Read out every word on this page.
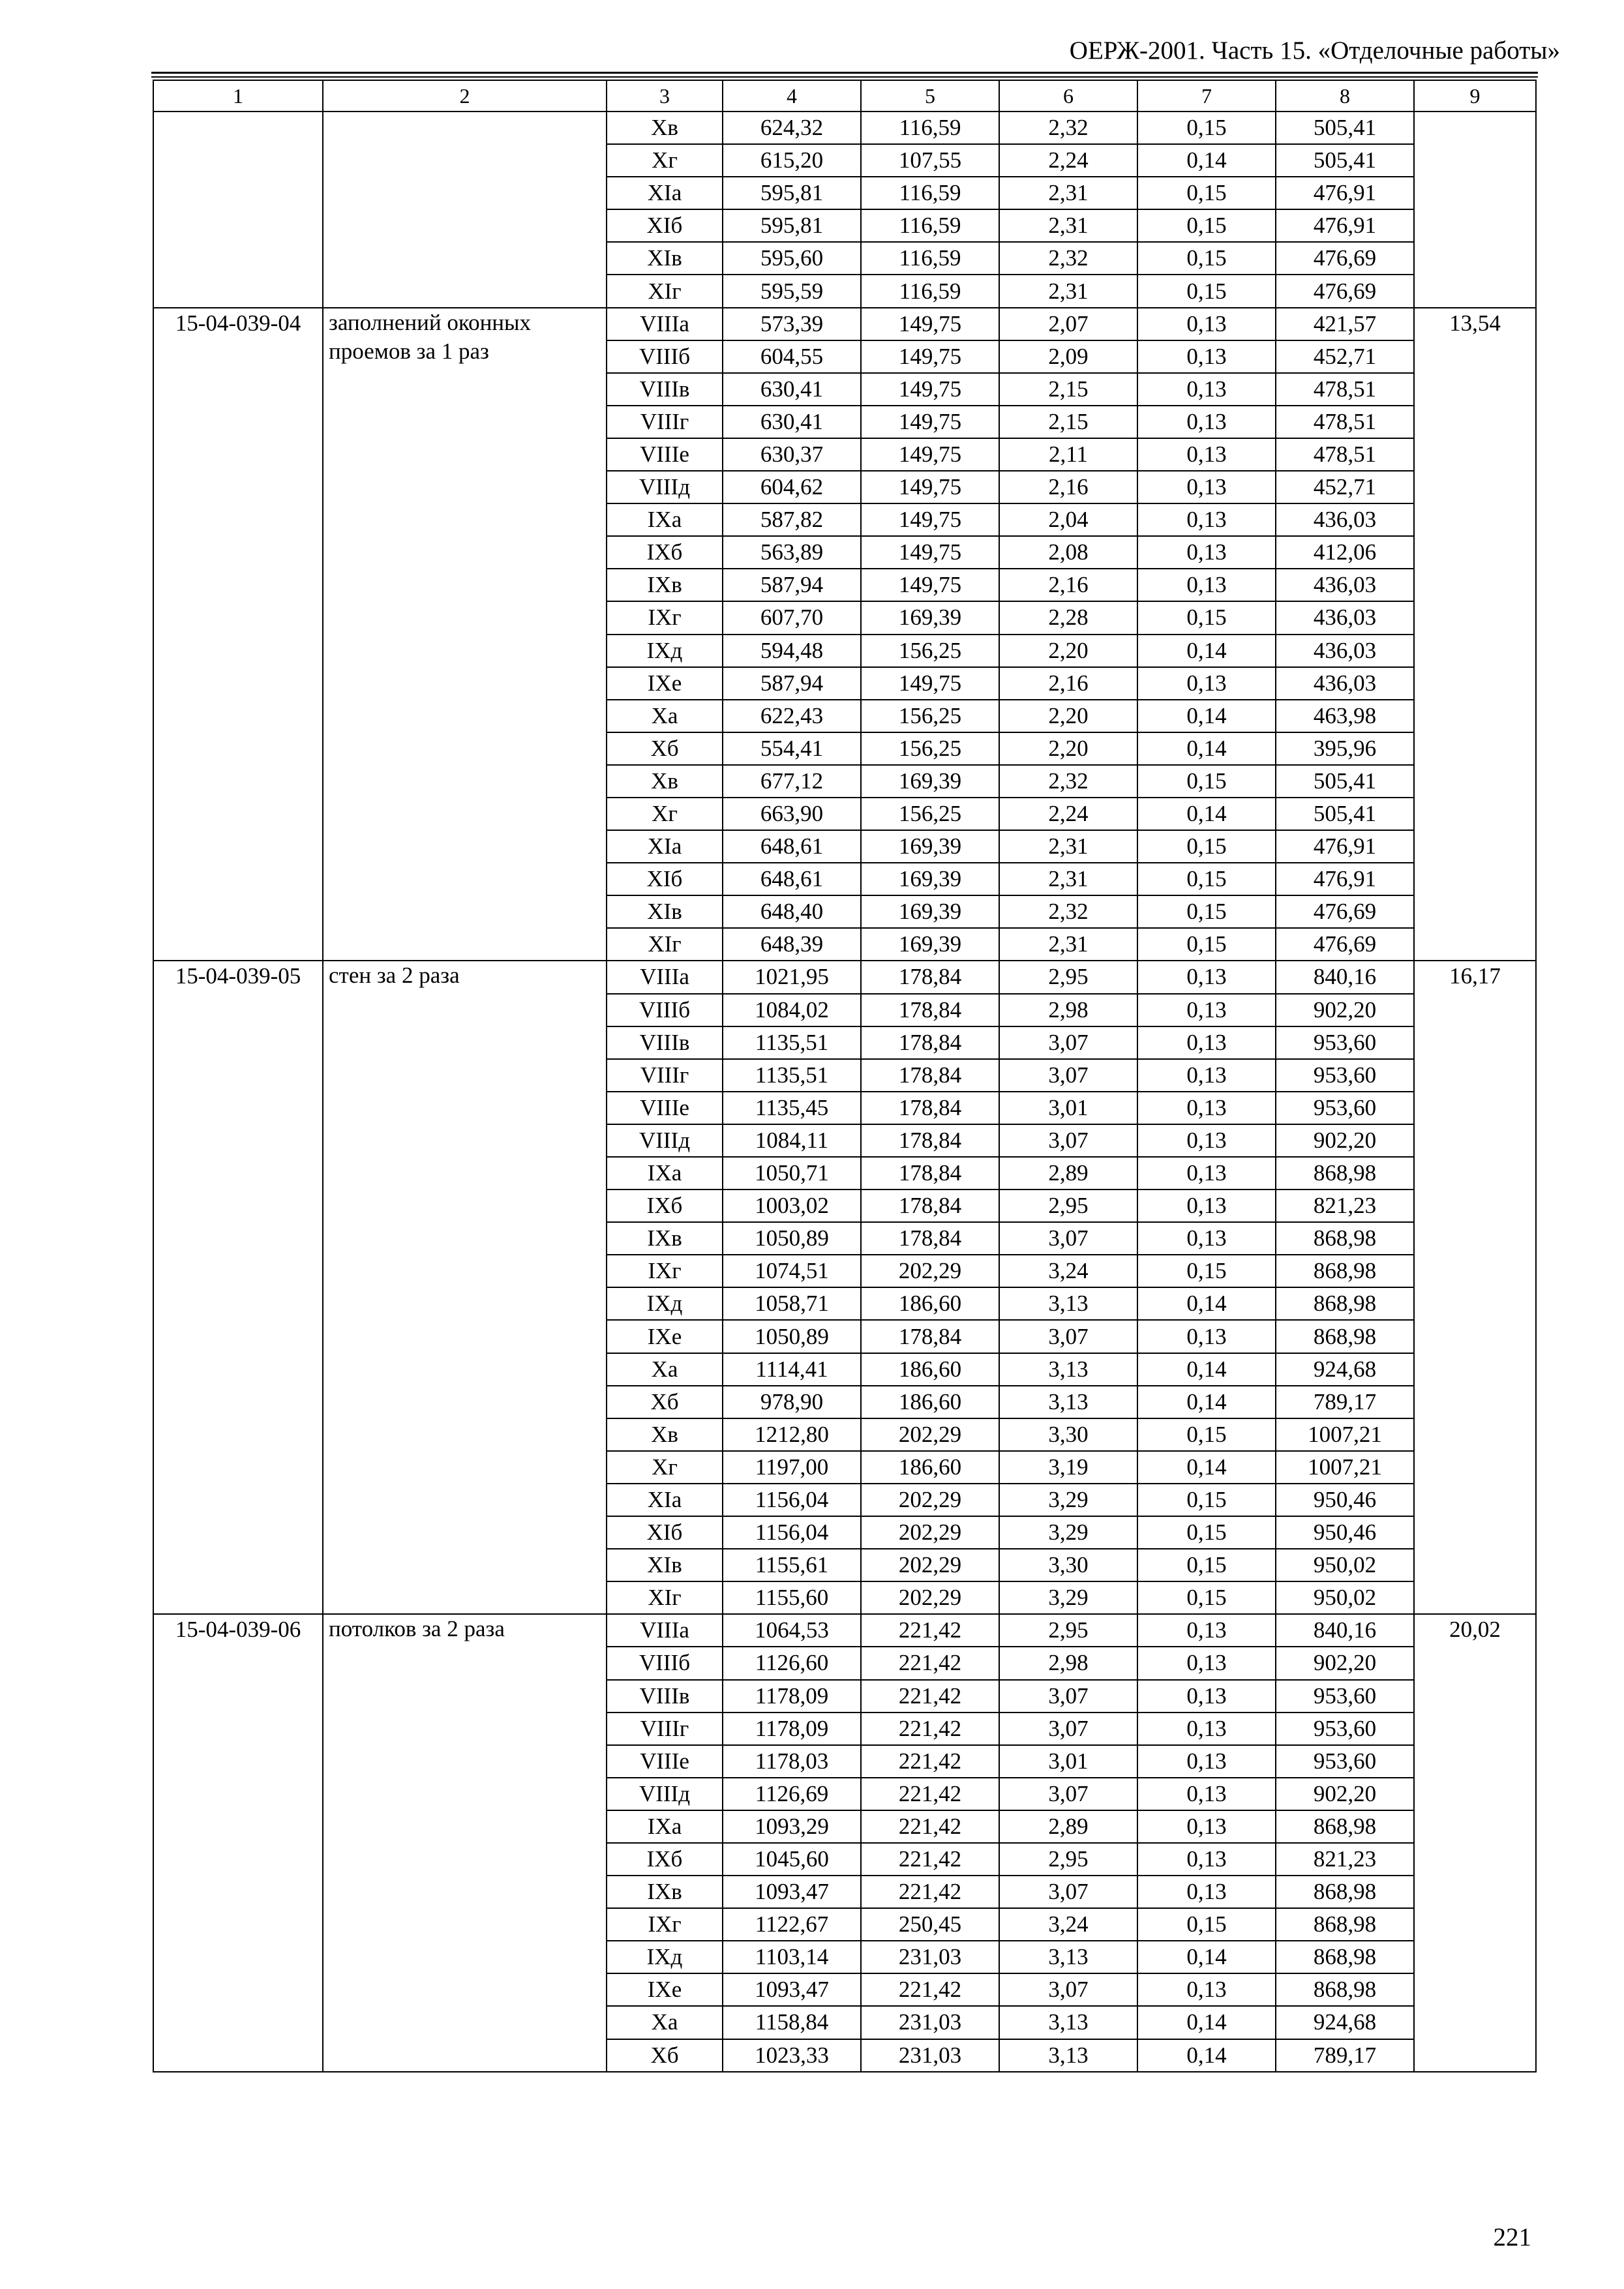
ОЕРЖ-2001. Часть 15. «Отделочные работы»
1	2	3	4	5	6	7	8	9
		Xв	624,32	116,59	2,32	0,15	505,41	
		Xг	615,20	107,55	2,24	0,14	505,41	
		XIа	595,81	116,59	2,31	0,15	476,91	
		XIб	595,81	116,59	2,31	0,15	476,91	
		XIв	595,60	116,59	2,32	0,15	476,69	
		XIг	595,59	116,59	2,31	0,15	476,69	
15-04-039-04	заполнений оконных проемов за 1 раз	VIIIа	573,39	149,75	2,07	0,13	421,57	13,54
		VIIIб	604,55	149,75	2,09	0,13	452,71	
		VIIIв	630,41	149,75	2,15	0,13	478,51	
		VIIIг	630,41	149,75	2,15	0,13	478,51	
		VIIIе	630,37	149,75	2,11	0,13	478,51	
		VIIIд	604,62	149,75	2,16	0,13	452,71	
		IXа	587,82	149,75	2,04	0,13	436,03	
		IXб	563,89	149,75	2,08	0,13	412,06	
		IXв	587,94	149,75	2,16	0,13	436,03	
		IXг	607,70	169,39	2,28	0,15	436,03	
		IXд	594,48	156,25	2,20	0,14	436,03	
		IXе	587,94	149,75	2,16	0,13	436,03	
		Xа	622,43	156,25	2,20	0,14	463,98	
		Xб	554,41	156,25	2,20	0,14	395,96	
		Xв	677,12	169,39	2,32	0,15	505,41	
		Xг	663,90	156,25	2,24	0,14	505,41	
		XIа	648,61	169,39	2,31	0,15	476,91	
		XIб	648,61	169,39	2,31	0,15	476,91	
		XIв	648,40	169,39	2,32	0,15	476,69	
		XIг	648,39	169,39	2,31	0,15	476,69	
15-04-039-05	стен за 2 раза	VIIIа	1021,95	178,84	2,95	0,13	840,16	16,17
		VIIIб	1084,02	178,84	2,98	0,13	902,20	
		VIIIв	1135,51	178,84	3,07	0,13	953,60	
		VIIIг	1135,51	178,84	3,07	0,13	953,60	
		VIIIе	1135,45	178,84	3,01	0,13	953,60	
		VIIIд	1084,11	178,84	3,07	0,13	902,20	
		IXа	1050,71	178,84	2,89	0,13	868,98	
		IXб	1003,02	178,84	2,95	0,13	821,23	
		IXв	1050,89	178,84	3,07	0,13	868,98	
		IXг	1074,51	202,29	3,24	0,15	868,98	
		IXд	1058,71	186,60	3,13	0,14	868,98	
		IXе	1050,89	178,84	3,07	0,13	868,98	
		Xа	1114,41	186,60	3,13	0,14	924,68	
		Xб	978,90	186,60	3,13	0,14	789,17	
		Xв	1212,80	202,29	3,30	0,15	1007,21	
		Xг	1197,00	186,60	3,19	0,14	1007,21	
		XIа	1156,04	202,29	3,29	0,15	950,46	
		XIб	1156,04	202,29	3,29	0,15	950,46	
		XIв	1155,61	202,29	3,30	0,15	950,02	
		XIг	1155,60	202,29	3,29	0,15	950,02	
15-04-039-06	потолков за 2 раза	VIIIа	1064,53	221,42	2,95	0,13	840,16	20,02
		VIIIб	1126,60	221,42	2,98	0,13	902,20	
		VIIIв	1178,09	221,42	3,07	0,13	953,60	
		VIIIг	1178,09	221,42	3,07	0,13	953,60	
		VIIIе	1178,03	221,42	3,01	0,13	953,60	
		VIIIд	1126,69	221,42	3,07	0,13	902,20	
		IXа	1093,29	221,42	2,89	0,13	868,98	
		IXб	1045,60	221,42	2,95	0,13	821,23	
		IXв	1093,47	221,42	3,07	0,13	868,98	
		IXг	1122,67	250,45	3,24	0,15	868,98	
		IXд	1103,14	231,03	3,13	0,14	868,98	
		IXе	1093,47	221,42	3,07	0,13	868,98	
		Xа	1158,84	231,03	3,13	0,14	924,68	
		Xб	1023,33	231,03	3,13	0,14	789,17	
221
